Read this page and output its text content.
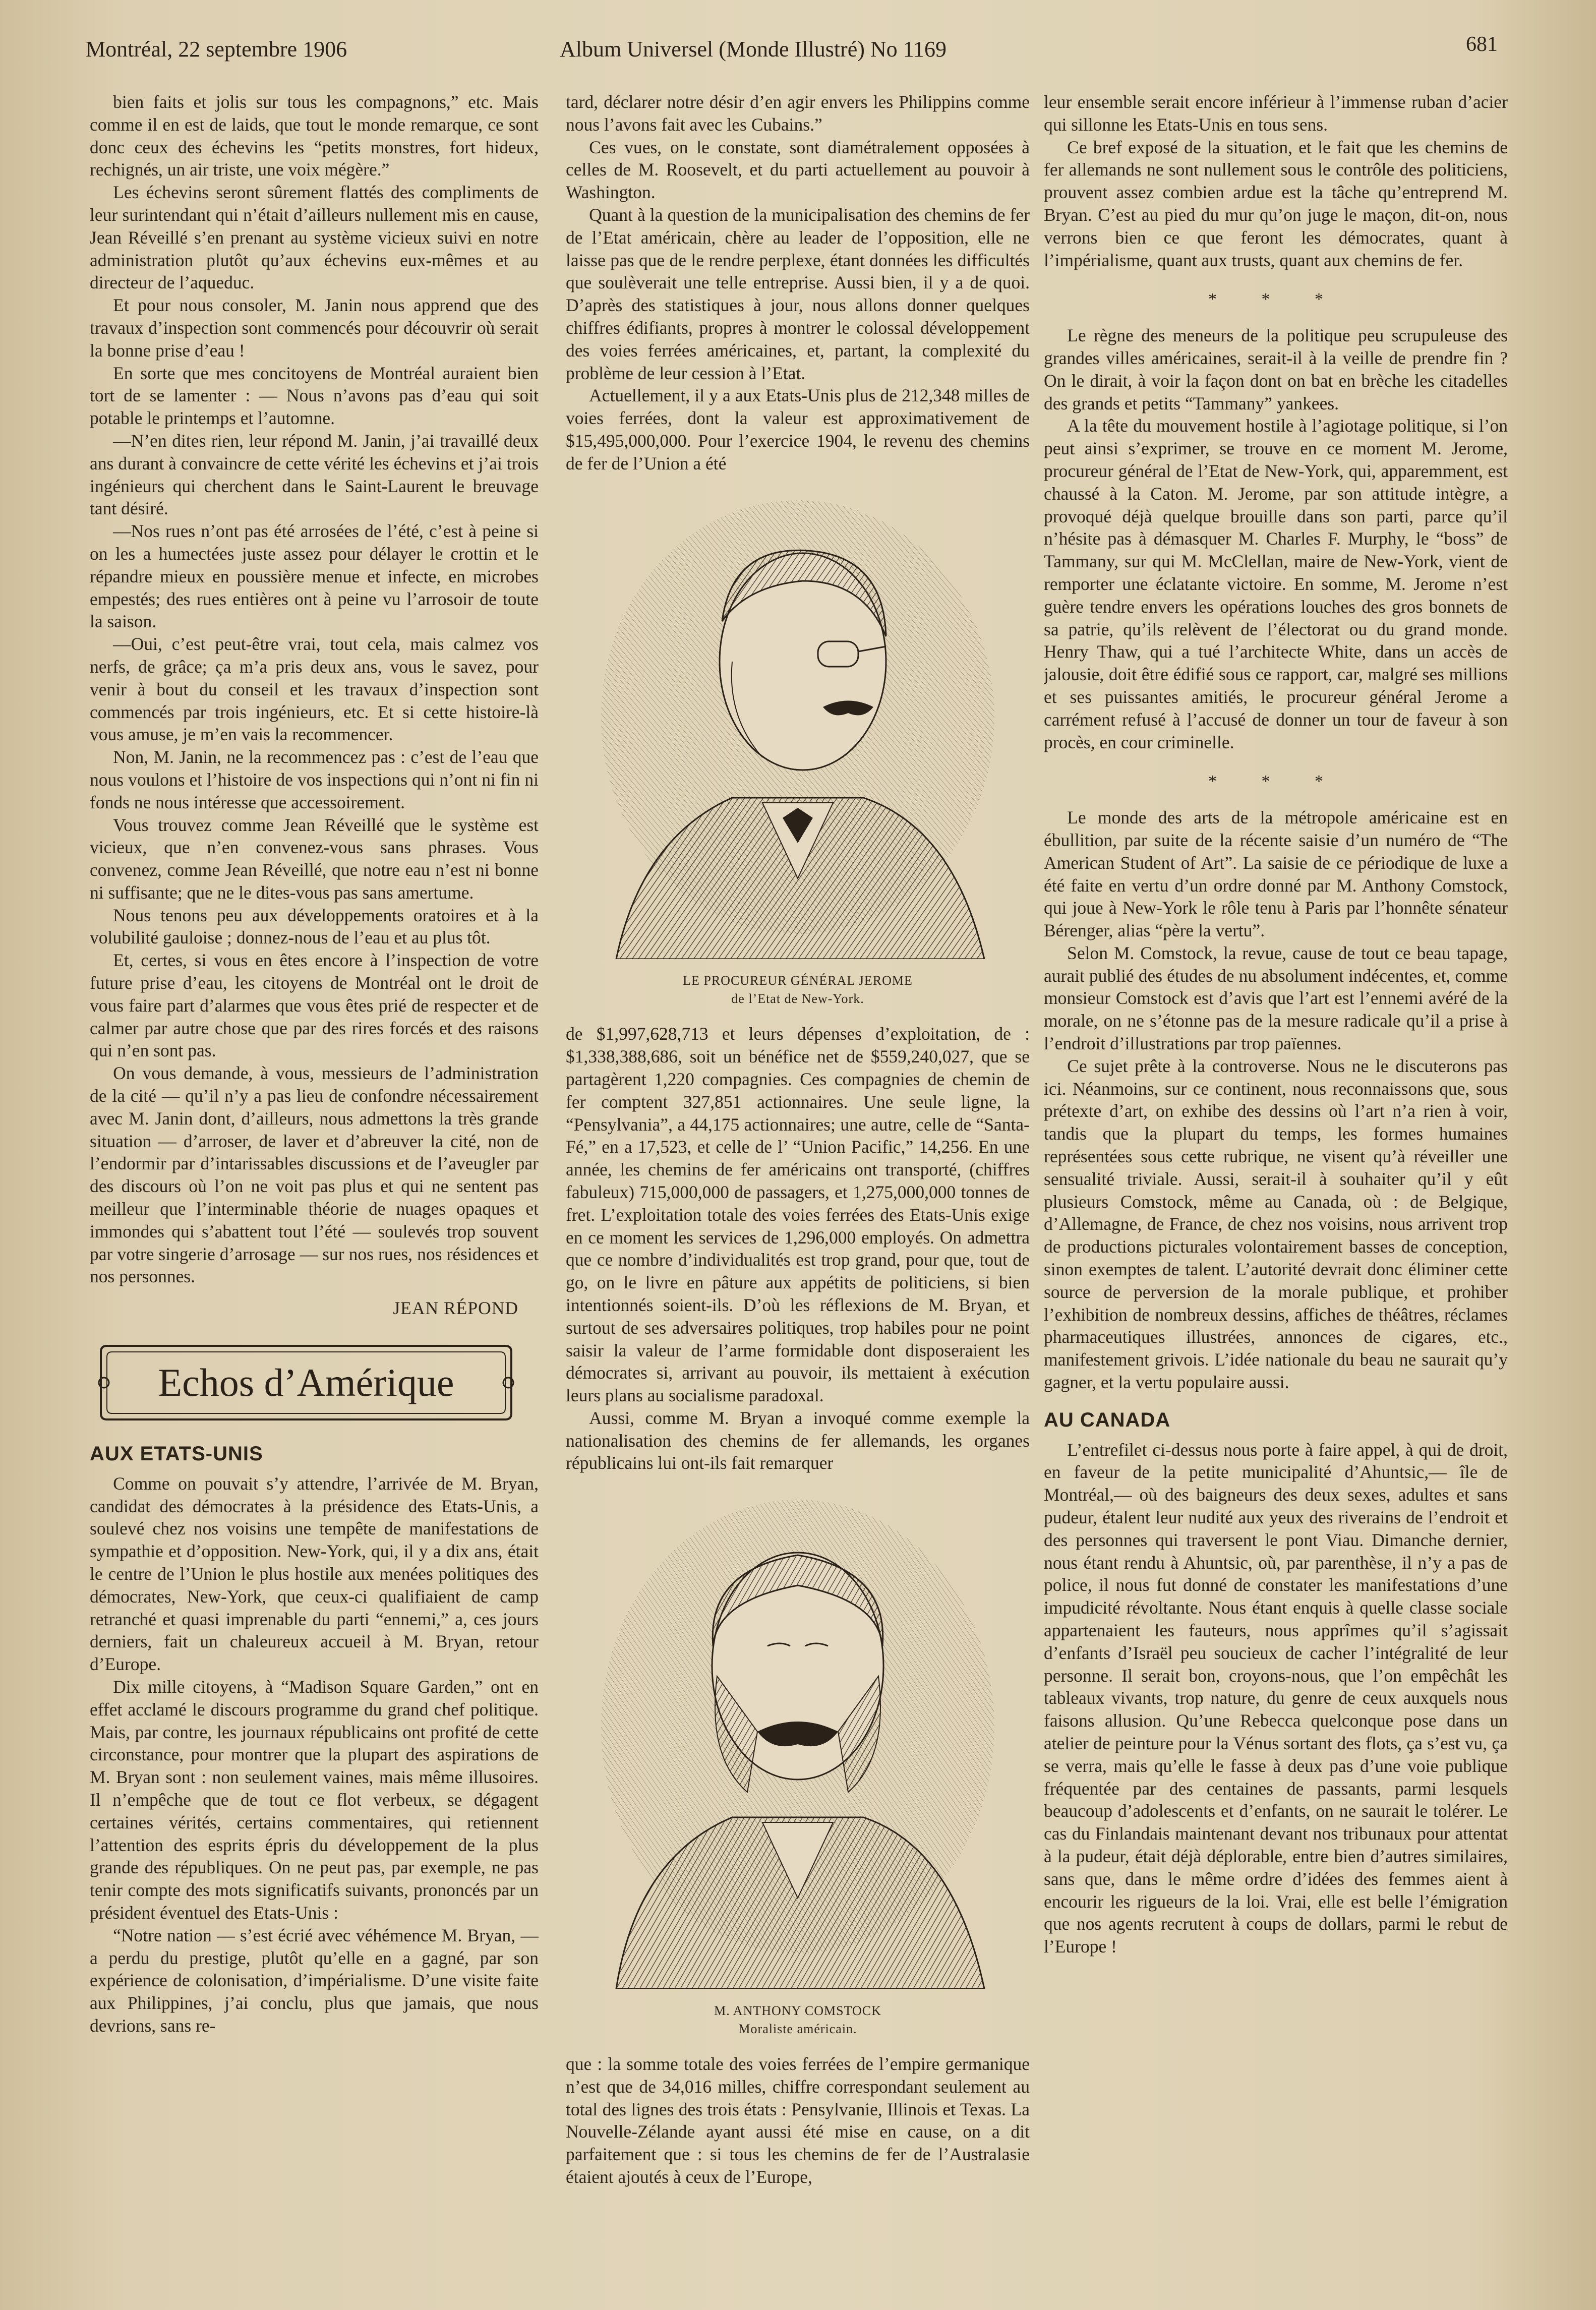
Montréal, 22 septembre 1906	Album Universel (Monde Illustré) No 1169	681

bien faits et jolis sur tous les compagnons,” etc. Mais comme il en est de laids, que tout le monde remarque, ce sont donc ceux des échevins les “petits monstres, fort hideux, rechignés, un air triste, une voix mégère.”

Les échevins seront sûrement flattés des compliments de leur surintendant qui n’était d’ailleurs nullement mis en cause, Jean Réveillé s’en prenant au système vicieux suivi en notre administration plutôt qu’aux échevins eux-mêmes et au directeur de l’aqueduc.

Et pour nous consoler, M. Janin nous apprend que des travaux d’inspection sont commencés pour découvrir où serait la bonne prise d’eau !

En sorte que mes concitoyens de Montréal auraient bien tort de se lamenter : — Nous n’avons pas d’eau qui soit potable le printemps et l’automne.

—N’en dites rien, leur répond M. Janin, j’ai travaillé deux ans durant à convaincre de cette vérité les échevins et j’ai trois ingénieurs qui cherchent dans le Saint-Laurent le breuvage tant désiré.

—Nos rues n’ont pas été arrosées de l’été, c’est à peine si on les a humectées juste assez pour délayer le crottin et le répandre mieux en poussière menue et infecte, en microbes empestés; des rues entières ont à peine vu l’arrosoir de toute la saison.

—Oui, c’est peut-être vrai, tout cela, mais calmez vos nerfs, de grâce; ça m’a pris deux ans, vous le savez, pour venir à bout du conseil et les travaux d’inspection sont commencés par trois ingénieurs, etc. Et si cette histoire-là vous amuse, je m’en vais la recommencer.

Non, M. Janin, ne la recommencez pas : c’est de l’eau que nous voulons et l’histoire de vos inspections qui n’ont ni fin ni fonds ne nous intéresse que accessoirement.

Vous trouvez comme Jean Réveillé que le système est vicieux, que n’en convenez-vous sans phrases. Vous convenez, comme Jean Réveillé, que notre eau n’est ni bonne ni suffisante; que ne le dites-vous pas sans amertume.

Nous tenons peu aux développements oratoires et à la volubilité gauloise ; donnez-nous de l’eau et au plus tôt.

Et, certes, si vous en êtes encore à l’inspection de votre future prise d’eau, les citoyens de Montréal ont le droit de vous faire part d’alarmes que vous êtes prié de respecter et de calmer par autre chose que par des rires forcés et des raisons qui n’en sont pas.

On vous demande, à vous, messieurs de l’administration de la cité — qu’il n’y a pas lieu de confondre nécessairement avec M. Janin dont, d’ailleurs, nous admettons la très grande situation — d’arroser, de laver et d’abreuver la cité, non de l’endormir par d’intarissables discussions et de l’aveugler par des discours où l’on ne voit pas plus et qui ne sentent pas meilleur que l’interminable théorie de nuages opaques et immondes qui s’abattent tout l’été — soulevés trop souvent par votre singerie d’arrosage — sur nos rues, nos résidences et nos personnes.

JEAN RÉPOND

Echos d’Amérique

AUX ETATS-UNIS

Comme on pouvait s’y attendre, l’arrivée de M. Bryan, candidat des démocrates à la présidence des Etats-Unis, a soulevé chez nos voisins une tempête de manifestations de sympathie et d’opposition. New-York, qui, il y a dix ans, était le centre de l’Union le plus hostile aux menées politiques des démocrates, New-York, que ceux-ci qualifiaient de camp retranché et quasi imprenable du parti “ennemi,” a, ces jours derniers, fait un chaleureux accueil à M. Bryan, retour d’Europe.

Dix mille citoyens, à “Madison Square Garden,” ont en effet acclamé le discours programme du grand chef politique. Mais, par contre, les journaux républicains ont profité de cette circonstance, pour montrer que la plupart des aspirations de M. Bryan sont : non seulement vaines, mais même illusoires. Il n’empêche que de tout ce flot verbeux, se dégagent certaines vérités, certains commentaires, qui retiennent l’attention des esprits épris du développement de la plus grande des républiques. On ne peut pas, par exemple, ne pas tenir compte des mots significatifs suivants, prononcés par un président éventuel des Etats-Unis :

“Notre nation — s’est écrié avec véhémence M. Bryan, — a perdu du prestige, plutôt qu’elle en a gagné, par son expérience de colonisation, d’impérialisme. D’une visite faite aux Philippines, j’ai conclu, plus que jamais, que nous devrions, sans re-

tard, déclarer notre désir d’en agir envers les Philippins comme nous l’avons fait avec les Cubains.”

Ces vues, on le constate, sont diamétralement opposées à celles de M. Roosevelt, et du parti actuellement au pouvoir à Washington.

Quant à la question de la municipalisation des chemins de fer de l’Etat américain, chère au leader de l’opposition, elle ne laisse pas que de le rendre perplexe, étant données les difficultés que soulèverait une telle entreprise. Aussi bien, il y a de quoi. D’après des statistiques à jour, nous allons donner quelques chiffres édifiants, propres à montrer le colossal développement des voies ferrées américaines, et, partant, la complexité du problème de leur cession à l’Etat.

Actuellement, il y a aux Etats-Unis plus de 212,348 milles de voies ferrées, dont la valeur est approximativement de $15,495,000,000. Pour l’exercice 1904, le revenu des chemins de fer de l’Union a été

LE PROCUREUR GÉNÉRAL JEROME

de l’Etat de New-York.

de $1,997,628,713 et leurs dépenses d’exploitation, de : $1,338,388,686, soit un bénéfice net de $559,240,027, que se partagèrent 1,220 compagnies. Ces compagnies de chemin de fer comptent 327,851 actionnaires. Une seule ligne, la “Pensylvania”, a 44,175 actionnaires; une autre, celle de “Santa-Fé,” en a 17,523, et celle de l’ “Union Pacific,” 14,256. En une année, les chemins de fer américains ont transporté, (chiffres fabuleux) 715,000,000 de passagers, et 1,275,000,000 tonnes de fret. L’exploitation totale des voies ferrées des Etats-Unis exige en ce moment les services de 1,296,000 employés. On admettra que ce nombre d’individualités est trop grand, pour que, tout de go, on le livre en pâture aux appétits de politiciens, si bien intentionnés soient-ils. D’où les réflexions de M. Bryan, et surtout de ses adversaires politiques, trop habiles pour ne point saisir la valeur de l’arme formidable dont disposeraient les démocrates si, arrivant au pouvoir, ils mettaient à exécution leurs plans au socialisme paradoxal.

Aussi, comme M. Bryan a invoqué comme exemple la nationalisation des chemins de fer allemands, les organes républicains lui ont-ils fait remarquer

M. ANTHONY COMSTOCK

Moraliste américain.

que : la somme totale des voies ferrées de l’empire germanique n’est que de 34,016 milles, chiffre correspondant seulement au total des lignes des trois états : Pensylvanie, Illinois et Texas. La Nouvelle-Zélande ayant aussi été mise en cause, on a dit parfaitement que : si tous les chemins de fer de l’Australasie étaient ajoutés à ceux de l’Europe,

leur ensemble serait encore inférieur à l’immense ruban d’acier qui sillonne les Etats-Unis en tous sens.

Ce bref exposé de la situation, et le fait que les chemins de fer allemands ne sont nullement sous le contrôle des politiciens, prouvent assez combien ardue est la tâche qu’entreprend M. Bryan. C’est au pied du mur qu’on juge le maçon, dit-on, nous verrons bien ce que feront les démocrates, quant à l’impérialisme, quant aux trusts, quant aux chemins de fer.

* * *

Le règne des meneurs de la politique peu scrupuleuse des grandes villes américaines, serait-il à la veille de prendre fin ? On le dirait, à voir la façon dont on bat en brèche les citadelles des grands et petits “Tammany” yankees.

A la tête du mouvement hostile à l’agiotage politique, si l’on peut ainsi s’exprimer, se trouve en ce moment M. Jerome, procureur général de l’Etat de New-York, qui, apparemment, est chaussé à la Caton. M. Jerome, par son attitude intègre, a provoqué déjà quelque brouille dans son parti, parce qu’il n’hésite pas à démasquer M. Charles F. Murphy, le “boss” de Tammany, sur qui M. McClellan, maire de New-York, vient de remporter une éclatante victoire. En somme, M. Jerome n’est guère tendre envers les opérations louches des gros bonnets de sa patrie, qu’ils relèvent de l’électorat ou du grand monde. Henry Thaw, qui a tué l’architecte White, dans un accès de jalousie, doit être édifié sous ce rapport, car, malgré ses millions et ses puissantes amitiés, le procureur général Jerome a carrément refusé à l’accusé de donner un tour de faveur à son procès, en cour criminelle.

* * *

Le monde des arts de la métropole américaine est en ébullition, par suite de la récente saisie d’un numéro de “The American Student of Art”. La saisie de ce périodique de luxe a été faite en vertu d’un ordre donné par M. Anthony Comstock, qui joue à New-York le rôle tenu à Paris par l’honnête sénateur Bérenger, alias “père la vertu”.

Selon M. Comstock, la revue, cause de tout ce beau tapage, aurait publié des études de nu absolument indécentes, et, comme monsieur Comstock est d’avis que l’art est l’ennemi avéré de la morale, on ne s’étonne pas de la mesure radicale qu’il a prise à l’endroit d’illustrations par trop païennes.

Ce sujet prête à la controverse. Nous ne le discuterons pas ici. Néanmoins, sur ce continent, nous reconnaissons que, sous prétexte d’art, on exhibe des dessins où l’art n’a rien à voir, tandis que la plupart du temps, les formes humaines représentées sous cette rubrique, ne visent qu’à réveiller une sensualité triviale. Aussi, serait-il à souhaiter qu’il y eût plusieurs Comstock, même au Canada, où : de Belgique, d’Allemagne, de France, de chez nos voisins, nous arrivent trop de productions picturales volontairement basses de conception, sinon exemptes de talent. L’autorité devrait donc éliminer cette source de perversion de la morale publique, et prohiber l’exhibition de nombreux dessins, affiches de théâtres, réclames pharmaceutiques illustrées, annonces de cigares, etc., manifestement grivois. L’idée nationale du beau ne saurait qu’y gagner, et la vertu populaire aussi.

AU CANADA

L’entrefilet ci-dessus nous porte à faire appel, à qui de droit, en faveur de la petite municipalité d’Ahuntsic,— île de Montréal,— où des baigneurs des deux sexes, adultes et sans pudeur, étalent leur nudité aux yeux des riverains de l’endroit et des personnes qui traversent le pont Viau. Dimanche dernier, nous étant rendu à Ahuntsic, où, par parenthèse, il n’y a pas de police, il nous fut donné de constater les manifestations d’une impudicité révoltante. Nous étant enquis à quelle classe sociale appartenaient les fauteurs, nous apprîmes qu’il s’agissait d’enfants d’Israël peu soucieux de cacher l’intégralité de leur personne. Il serait bon, croyons-nous, que l’on empêchât les tableaux vivants, trop nature, du genre de ceux auxquels nous faisons allusion. Qu’une Rebecca quelconque pose dans un atelier de peinture pour la Vénus sortant des flots, ça s’est vu, ça se verra, mais qu’elle le fasse à deux pas d’une voie publique fréquentée par des centaines de passants, parmi lesquels beaucoup d’adolescents et d’enfants, on ne saurait le tolérer. Le cas du Finlandais maintenant devant nos tribunaux pour attentat à la pudeur, était déjà déplorable, entre bien d’autres similaires, sans que, dans le même ordre d’idées des femmes aient à encourir les rigueurs de la loi. Vrai, elle est belle l’émigration que nos agents recrutent à coups de dollars, parmi le rebut de l’Europe !
